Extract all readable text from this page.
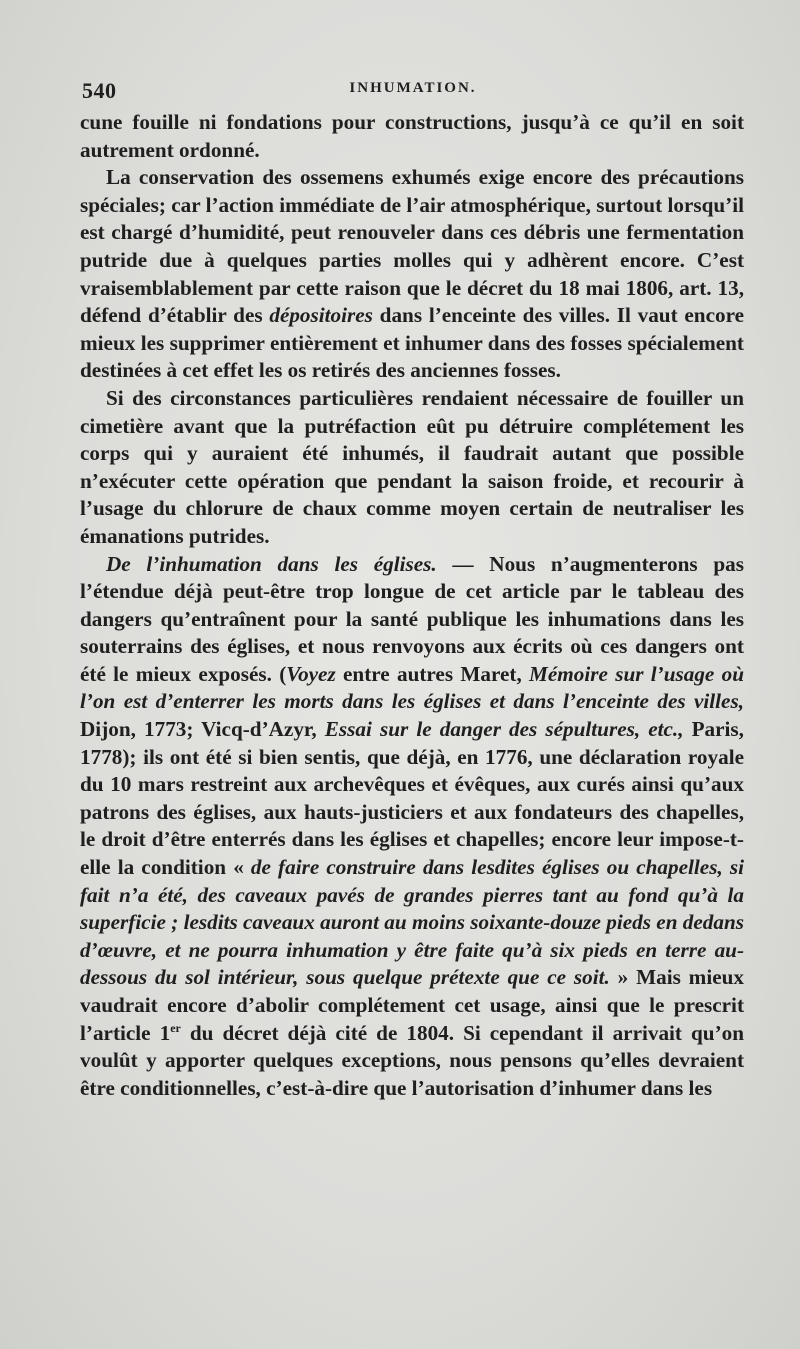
540	INHUMATION.

cune fouille ni fondations pour constructions, jusqu’à ce qu’il en soit autrement ordonné.

La conservation des ossemens exhumés exige encore des précautions spéciales; car l’action immédiate de l’air atmosphérique, surtout lorsqu’il est chargé d’humidité, peut renouveler dans ces débris une fermentation putride due à quelques parties molles qui y adhèrent encore. C’est vraisemblablement par cette raison que le décret du 18 mai 1806, art. 13, défend d’établir des dépositoires dans l’enceinte des villes. Il vaut encore mieux les supprimer entièrement et inhumer dans des fosses spécialement destinées à cet effet les os retirés des anciennes fosses.

Si des circonstances particulières rendaient nécessaire de fouiller un cimetière avant que la putréfaction eût pu détruire complétement les corps qui y auraient été inhumés, il faudrait autant que possible n’exécuter cette opération que pendant la saison froide, et recourir à l’usage du chlorure de chaux comme moyen certain de neutraliser les émanations putrides.

De l’inhumation dans les églises. — Nous n’augmenterons pas l’étendue déjà peut-être trop longue de cet article par le tableau des dangers qu’entraînent pour la santé publique les inhumations dans les souterrains des églises, et nous renvoyons aux écrits où ces dangers ont été le mieux exposés. (Voyez entre autres Maret, Mémoire sur l’usage où l’on est d’enterrer les morts dans les églises et dans l’enceinte des villes, Dijon, 1773; Vicq-d’Azyr, Essai sur le danger des sépultures, etc., Paris, 1778); ils ont été si bien sentis, que déjà, en 1776, une déclaration royale du 10 mars restreint aux archevêques et évêques, aux curés ainsi qu’aux patrons des églises, aux hauts-justiciers et aux fondateurs des chapelles, le droit d’être enterrés dans les églises et chapelles; encore leur impose-t-elle la condition « de faire construire dans lesdites églises ou chapelles, si fait n’a été, des caveaux pavés de grandes pierres tant au fond qu’à la superficie ; lesdits caveaux auront au moins soixante-douze pieds en dedans d’œuvre, et ne pourra inhumation y être faite qu’à six pieds en terre au-dessous du sol intérieur, sous quelque prétexte que ce soit. » Mais mieux vaudrait encore d’abolir complétement cet usage, ainsi que le prescrit l’article 1er du décret déjà cité de 1804. Si cependant il arrivait qu’on voulût y apporter quelques exceptions, nous pensons qu’elles devraient être conditionnelles, c’est-à-dire que l’autorisation d’inhumer dans les
